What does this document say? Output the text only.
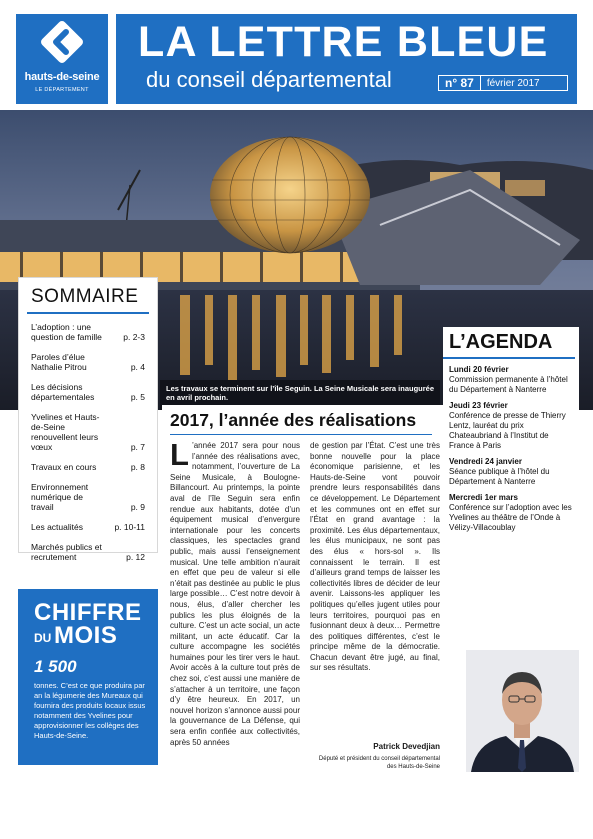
hauts-de-seine
LE DÉPARTEMENT
LA LETTRE BLEUE
du conseil départemental	n° 87	février 2017
Les travaux se terminent sur l’île Seguin. La Seine Musicale sera inaugurée en avril prochain.
SOMMAIRE
L’adoption : une question de famille	p. 2-3
Paroles d’élue Nathalie Pitrou	p. 4
Les décisions départementales	p. 5
Yvelines et Hauts-de-Seine renouvellent leurs vœux	p. 7
Travaux en cours	p. 8
Environnement numérique de travail	p. 9
Les actualités	p. 10-11
Marchés publics et recrutement	p. 12
CHIFFRE
DU MOIS
1 500
tonnes. C’est ce que produira par an la légumerie des Mureaux qui fournira des produits locaux issus notamment des Yvelines pour approvisionner les collèges des Hauts-de-Seine.
2017, l’année des réalisations
L ’année 2017 sera pour nous l’année des réalisations avec, notamment, l’ouverture de La Seine Musicale, à Boulogne-Billancourt. Au printemps, la pointe aval de l’île Seguin sera enfin rendue aux habitants, dotée d’un équipement musical d’envergure internationale pour les concerts classiques, les spectacles grand public, mais aussi l’enseignement musical. Une telle ambition n’aurait en effet que peu de valeur si elle n’était pas destinée au public le plus large possible… C’est notre devoir à nous, élus, d’aller chercher les publics les plus éloignés de la culture. C’est un acte social, un acte militant, un acte éducatif. Car la culture accompagne les sociétés humaines pour les tirer vers le haut. Avoir accès à la culture tout près de chez soi, c’est aussi une manière de s’attacher à un territoire, une façon d’y être heureux. En 2017, un nouvel horizon s’annonce aussi pour la gouvernance de La Défense, qui sera enfin confiée aux collectivités, après 50 années
de gestion par l’État. C’est une très bonne nouvelle pour la place économique parisienne, et les Hauts-de-Seine vont pouvoir prendre leurs responsabilités dans ce développement. Le Département et les communes ont en effet sur l’État en grand avantage : la proximité. Les élus départementaux, les élus municipaux, ne sont pas des élus « hors-sol ». Ils connaissent le terrain. Il est d’ailleurs grand temps de laisser les collectivités libres de décider de leur avenir. Laissons-les appliquer les politiques qu’elles jugent utiles pour leurs territoires, pourquoi pas en fusionnant deux à deux… Permettre des politiques différentes, c’est le principe même de la démocratie. Chacun devant être jugé, au final, sur ses résultats.
Patrick Devedjian
Député et président du conseil départemental des Hauts-de-Seine
L’AGENDA
Lundi 20 février
Commission permanente à l’hôtel du Département à Nanterre
Jeudi 23 février
Conférence de presse de Thierry Lentz, lauréat du prix Chateaubriand à l’Institut de France à Paris
Vendredi 24 janvier
Séance publique à l’hôtel du Département à Nanterre
Mercredi 1er mars
Conférence sur l’adoption avec les Yvelines au théâtre de l’Onde à Vélizy-Villacoublay
